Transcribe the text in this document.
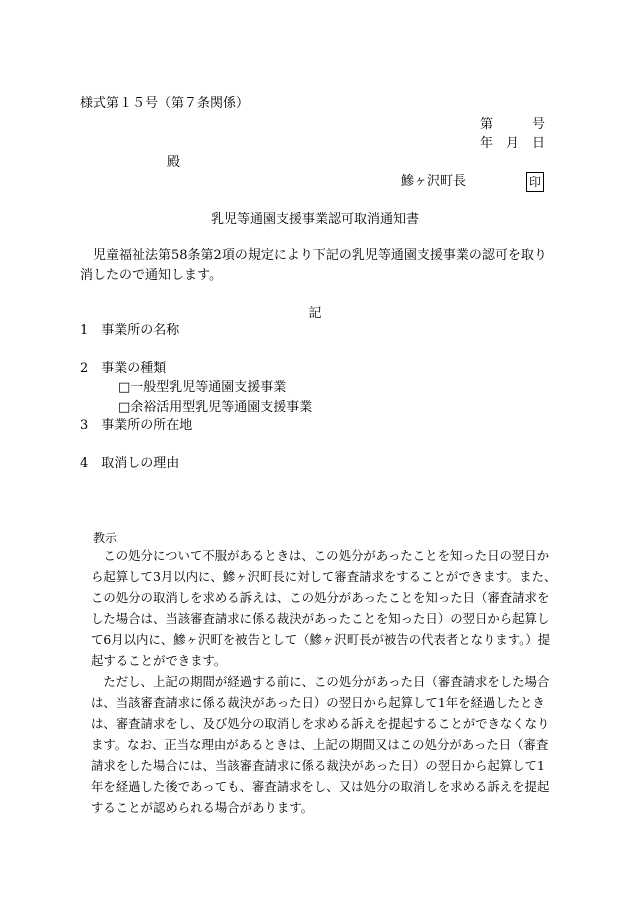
様式第１５号（第７条関係）
第　　　号
年　月　日
殿
鰺ヶ沢町長	印
乳児等通園支援事業認可取消通知書
児童福祉法第58条第2項の規定により下記の乳児等通園支援事業の認可を取り
消したので通知します。
記
1　事業所の名称
2　事業の種類
□一般型乳児等通園支援事業
□余裕活用型乳児等通園支援事業
3　事業所の所在地
4　取消しの理由
教示

この処分について不服があるときは、この処分があったことを知った日の翌日か

ら起算して3月以内に、鰺ヶ沢町長に対して審査請求をすることができます。また、

この処分の取消しを求める訴えは、この処分があったことを知った日（審査請求を

した場合は、当該審査請求に係る裁決があったことを知った日）の翌日から起算し

て6月以内に、鰺ヶ沢町を被告として（鰺ヶ沢町長が被告の代表者となります。）提

起することができます。

ただし、上記の期間が経過する前に、この処分があった日（審査請求をした場合

は、当該審査請求に係る裁決があった日）の翌日から起算して1年を経過したとき

は、審査請求をし、及び処分の取消しを求める訴えを提起することができなくなり

ます。なお、正当な理由があるときは、上記の期間又はこの処分があった日（審査

請求をした場合には、当該審査請求に係る裁決があった日）の翌日から起算して1

年を経過した後であっても、審査請求をし、又は処分の取消しを求める訴えを提起

することが認められる場合があります。
